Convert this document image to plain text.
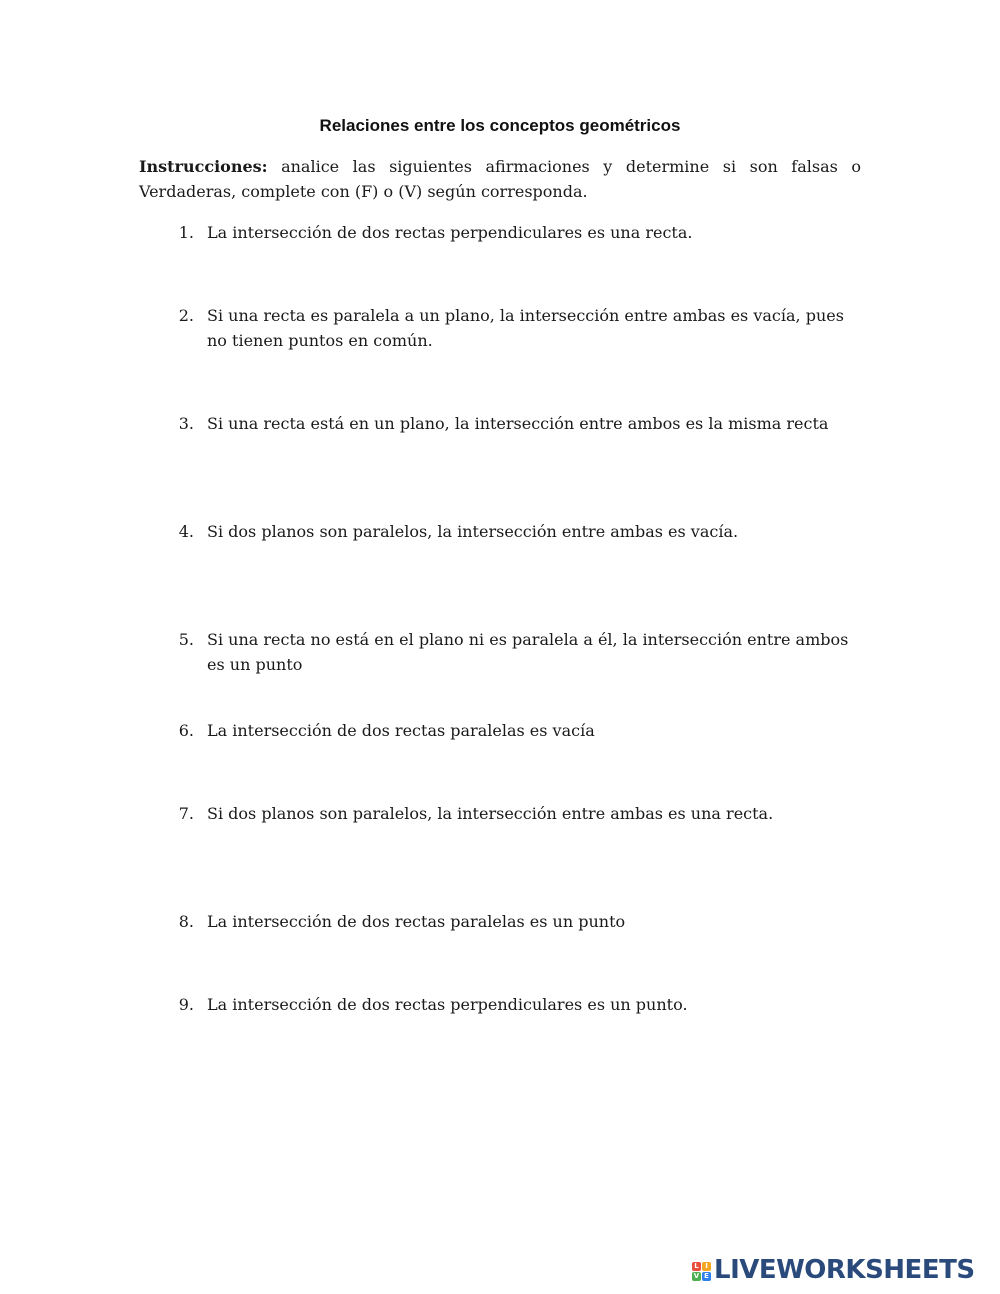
Relaciones entre los conceptos geométricos
Instrucciones: analice las siguientes afirmaciones y determine si son falsas o Verdaderas, complete con (F) o (V) según corresponda.
1. La intersección de dos rectas perpendiculares es una recta.
2. Si una recta es paralela a un plano, la intersección entre ambas es vacía, pues no tienen puntos en común.
3. Si una recta está en un plano, la intersección entre ambos es la misma recta
4. Si dos planos son paralelos, la intersección entre ambas es vacía.
5. Si una recta no está en el plano ni es paralela a él, la intersección entre ambos es un punto
6. La intersección de dos rectas paralelas es vacía
7. Si dos planos son paralelos, la intersección entre ambas es una recta.
8. La intersección de dos rectas paralelas es un punto
9. La intersección de dos rectas perpendiculares es un punto.
L I
V E LIVEWORKSHEETS
